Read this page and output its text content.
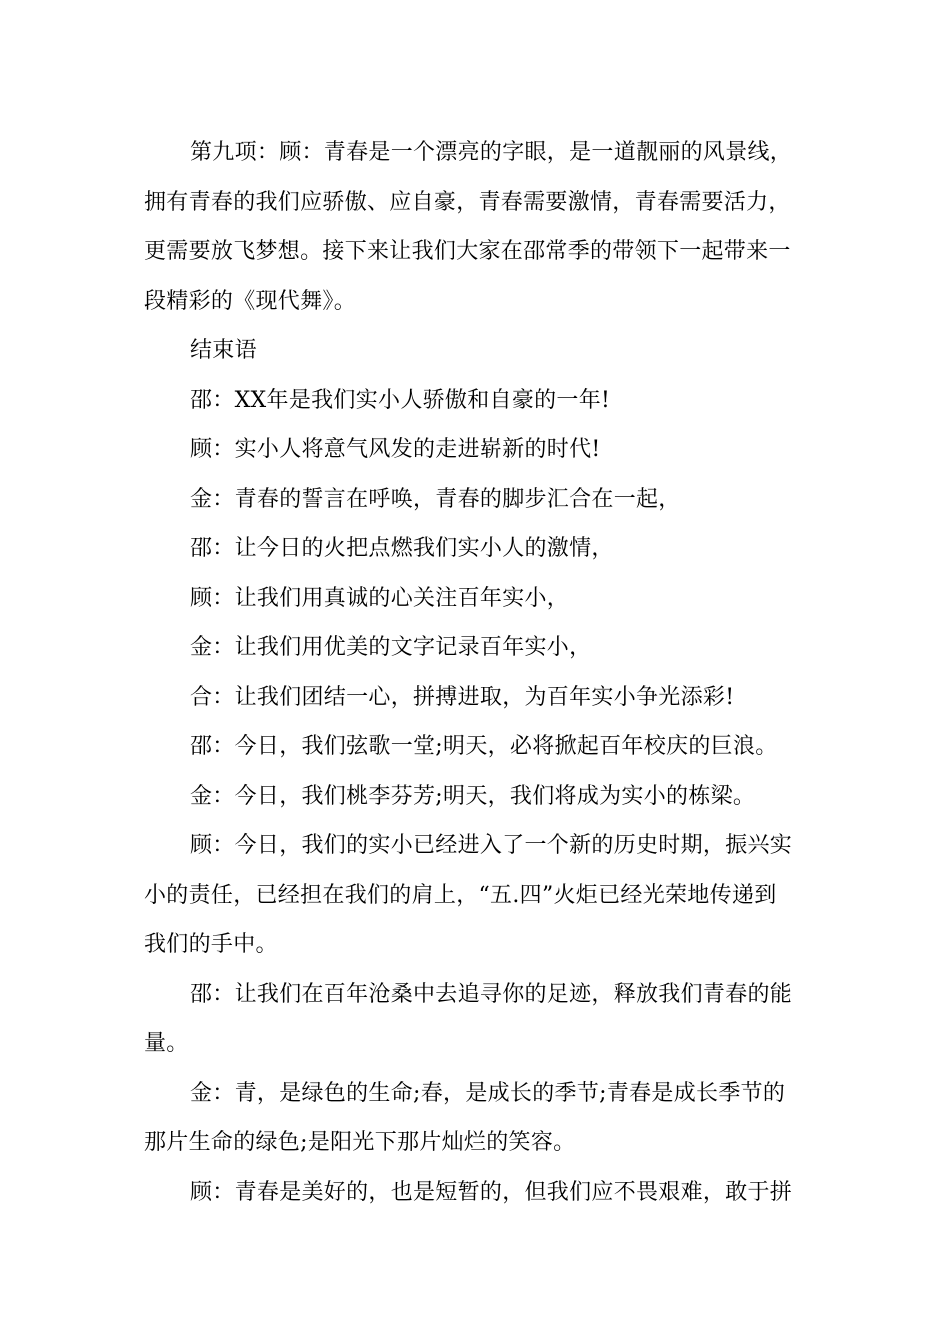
第九项：顾：青春是一个漂亮的字眼，是一道靓丽的风景线，
拥有青春的我们应骄傲、应自豪，青春需要激情，青春需要活力，
更需要放飞梦想。接下来让我们大家在邵常季的带领下一起带来一
段精彩的《现代舞》。

结束语

邵：XX年是我们实小人骄傲和自豪的一年!

顾：实小人将意气风发的走进崭新的时代!

金：青春的誓言在呼唤，青春的脚步汇合在一起，

邵：让今日的火把点燃我们实小人的激情，

顾：让我们用真诚的心关注百年实小，

金：让我们用优美的文字记录百年实小，

合：让我们团结一心，拼搏进取，为百年实小争光添彩!

邵：今日，我们弦歌一堂;明天，必将掀起百年校庆的巨浪。

金：今日，我们桃李芬芳;明天，我们将成为实小的栋梁。

顾：今日，我们的实小已经进入了一个新的历史时期，振兴实
小的责任，已经担在我们的肩上，“五.四”火炬已经光荣地传递到
我们的手中。

邵：让我们在百年沧桑中去追寻你的足迹，释放我们青春的能
量。

金：青，是绿色的生命;春，是成长的季节;青春是成长季节的
那片生命的绿色;是阳光下那片灿烂的笑容。

顾：青春是美好的，也是短暂的，但我们应不畏艰难，敢于拼
